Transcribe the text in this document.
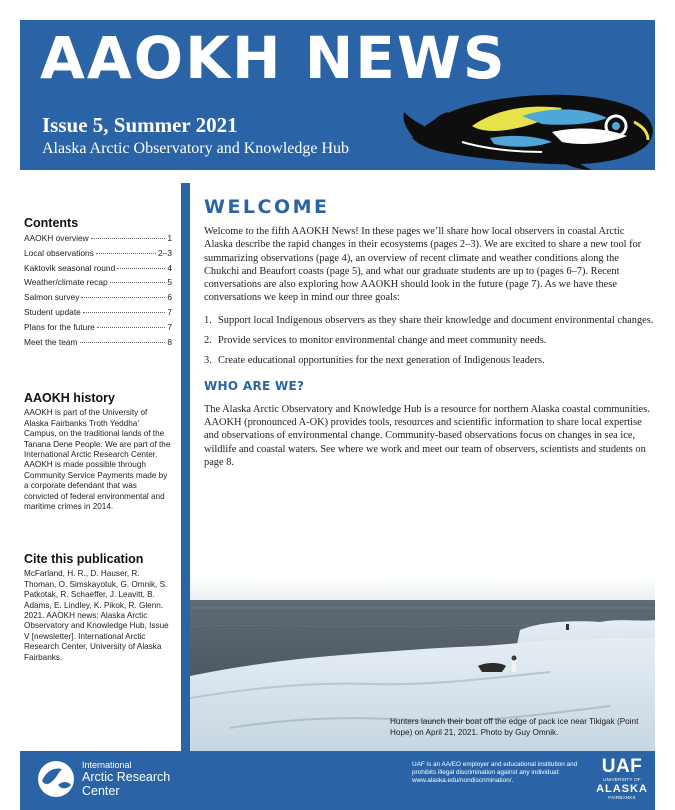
AAOKH NEWS
Issue 5, Summer 2021
Alaska Arctic Observatory and Knowledge Hub
Contents
AAOKH overview	1
Local observations	2–3
Kaktovik seasonal round	4
Weather/climate recap	5
Salmon survey	6
Student update	7
Plans for the future	7
Meet the team	8
AAOKH history

AAOKH is part of the University of Alaska Fairbanks Troth Yeddha’ Campus, on the traditional lands of the Tanana Dene People. We are part of the International Arctic Research Center. AAOKH is made possible through Community Service Payments made by a corporate defendant that was convicted of federal environmental and maritime crimes in 2014.

Cite this publication

McFarland, H. R., D. Hauser, R. Thoman, O. Simskayotuk, G. Omnik, S. Patkotak, R. Schaeffer, J. Leavitt, B. Adams, E. Lindley, K. Pikok, R. Glenn. 2021. AAOKH news: Alaska Arctic Observatory and Knowledge Hub, Issue V [newsletter]. International Arctic Research Center, University of Alaska Fairbanks.

WELCOME

Welcome to the fifth AAOKH News! In these pages we’ll share how local observers in coastal Arctic Alaska describe the rapid changes in their ecosystems (pages 2–3). We are excited to share a new tool for summarizing observations (page 4), an overview of recent climate and weather conditions along the Chukchi and Beaufort coasts (page 5), and what our graduate students are up to (pages 6–7). Recent conversations are also exploring how AAOKH should look in the future (page 7). As we have these conversations we keep in mind our three goals:

1. Support local Indigenous observers as they share their knowledge and document environmental changes.
2. Provide services to monitor environmental change and meet community needs.
3. Create educational opportunities for the next generation of Indigenous leaders.
WHO ARE WE?

The Alaska Arctic Observatory and Knowledge Hub is a resource for northern Alaska coastal communities. AAOKH (pronounced A-OK) provides tools, resources and scientific information to share local expertise and observations of environmental change. Community-based observations focus on changes in sea ice, wildlife and coastal waters. See where we work and meet our team of observers, scientists and students on page 8.

Hunters launch their boat off the edge of pack ice near Tikigak (Point Hope) on April 21, 2021. Photo by Guy Omnik.
International
Arctic Research
Center
UAF is an AA/EO employer and educational institution and prohibits illegal discrimination against any individual: www.alaska.edu/nondiscrimination/.
UAF
UNIVERSITY OF
ALASKA
FAIRBANKS
